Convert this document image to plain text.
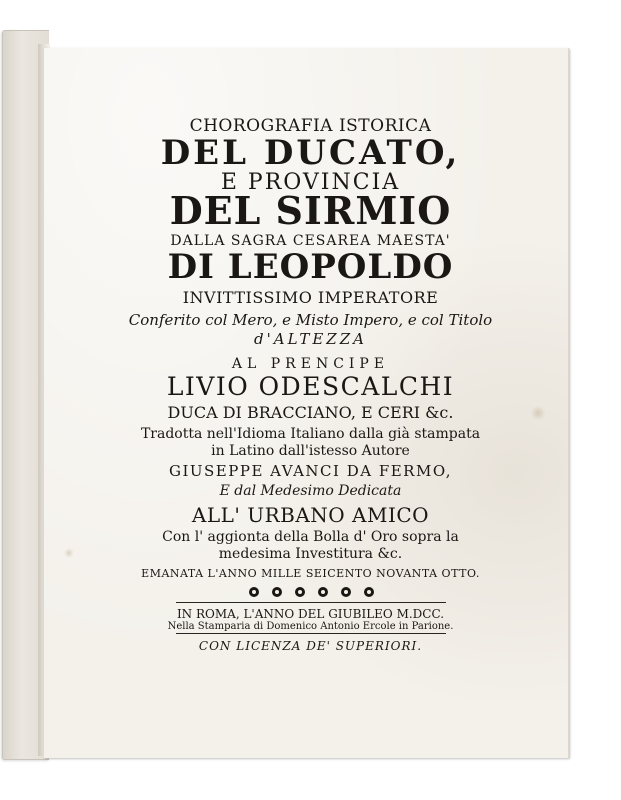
CHOROGRAFIA ISTORICA

DEL DUCATO,

E PROVINCIA

DEL SIRMIO

DALLA SAGRA CESAREA MAESTA'

DI LEOPOLDO

INVITTISSIMO IMPERATORE

Conferito col Mero, e Misto Impero, e col Titolo

d'ALTEZZA

AL PRENCIPE

LIVIO ODESCALCHI

DUCA DI BRACCIANO, E CERI &c.

Tradotta nell'Idioma Italiano dalla già stampata

in Latino dall'istesso Autore

GIUSEPPE AVANCI DA FERMO,

E dal Medesimo Dedicata

ALL' URBANO AMICO

Con l' aggionta della Bolla d' Oro sopra la

medesima Investitura &c.

EMANATA L'ANNO MILLE SEICENTO NOVANTA OTTO.

IN ROMA, L'ANNO DEL GIUBILEO M.DCC.

Nella Stamparia di Domenico Antonio Ercole in Parione.

CON LICENZA DE' SUPERIORI.
